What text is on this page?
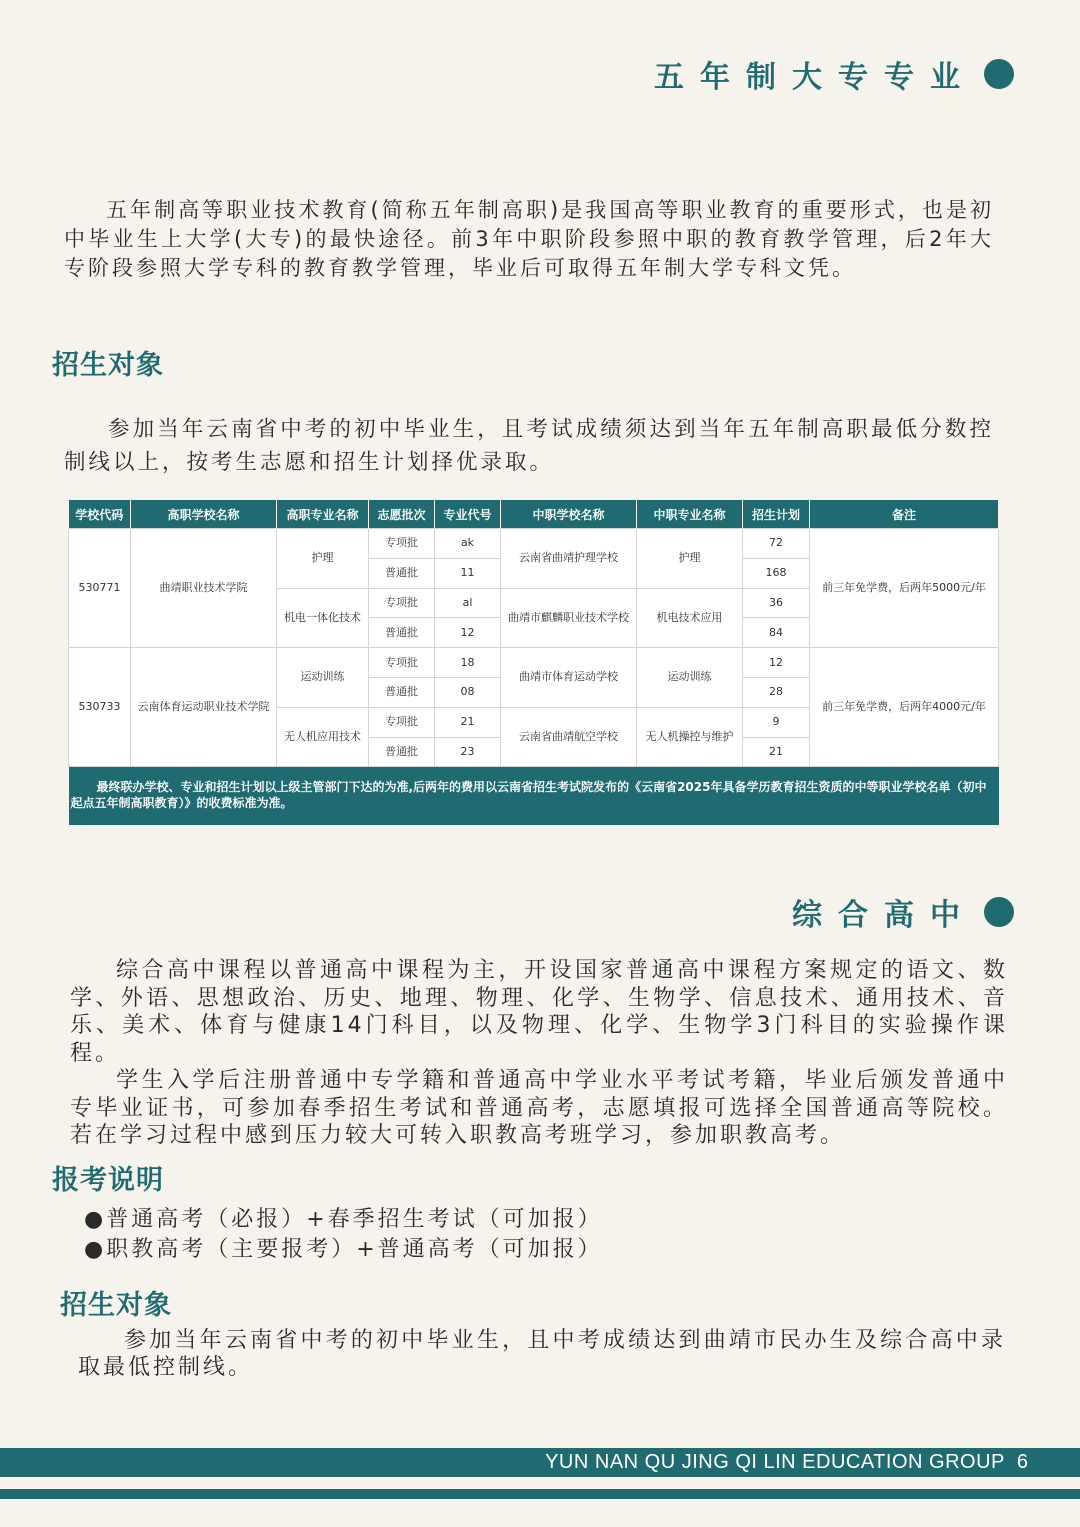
五年制大专专业
五年制高等职业技术教育(简称五年制高职)是我国高等职业教育的重要形式，也是初中毕业生上大学(大专)的最快途径。前3年中职阶段参照中职的教育教学管理，后2年大专阶段参照大学专科的教育教学管理，毕业后可取得五年制大学专科文凭。
招生对象
参加当年云南省中考的初中毕业生，且考试成绩须达到当年五年制高职最低分数控制线以上，按考生志愿和招生计划择优录取。
学校代码	高职学校名称	高职专业名称	志愿批次	专业代号	中职学校名称	中职专业名称	招生计划	备注
530771	曲靖职业技术学院	护理	专项批	ak	云南省曲靖护理学校	护理	72	前三年免学费，后两年5000元/年
			普通批	11			168	
		机电一体化技术	专项批	al	曲靖市麒麟职业技术学校	机电技术应用	36	
			普通批	12			84	
530733	云南体育运动职业技术学院	运动训练	专项批	18	曲靖市体育运动学校	运动训练	12	前三年免学费，后两年4000元/年
			普通批	08			28	
		无人机应用技术	专项批	21	云南省曲靖航空学校	无人机操控与维护	9	
			普通批	23			21	
最终联办学校、专业和招生计划以上级主管部门下达的为准,后两年的费用以云南省招生考试院发布的《云南省2025年具备学历教育招生资质的中等职业学校名单（初中起点五年制高职教育）》的收费标准为准。								
综合高中
综合高中课程以普通高中课程为主，开设国家普通高中课程方案规定的语文、数学、外语、思想政治、历史、地理、物理、化学、生物学、信息技术、通用技术、音乐、美术、体育与健康14门科目，以及物理、化学、生物学3门科目的实验操作课程。
学生入学后注册普通中专学籍和普通高中学业水平考试考籍，毕业后颁发普通中专毕业证书，可参加春季招生考试和普通高考，志愿填报可选择全国普通高等院校。若在学习过程中感到压力较大可转入职教高考班学习，参加职教高考。
报考说明
●普通高考（必报）+春季招生考试（可加报）
●职教高考（主要报考）+普通高考（可加报）
招生对象
参加当年云南省中考的初中毕业生，且中考成绩达到曲靖市民办生及综合高中录取最低控制线。
YUN NAN QU JING QI LIN EDUCATION GROUP 6
